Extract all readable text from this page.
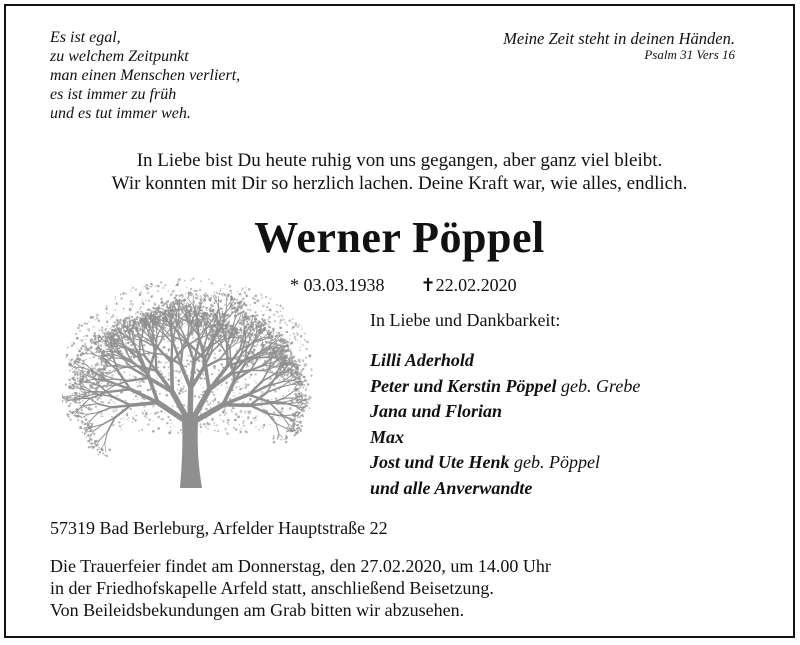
Es ist egal,
zu welchem Zeitpunkt
man einen Menschen verliert,
es ist immer zu früh
und es tut immer weh.
Meine Zeit steht in deinen Händen.
Psalm 31 Vers 16
In Liebe bist Du heute ruhig von uns gegangen, aber ganz viel bleibt.
Wir konnten mit Dir so herzlich lachen. Deine Kraft war, wie alles, endlich.
Werner Pöppel
* 03.03.1938 ✝22.02.2020
In Liebe und Dankbarkeit:
Lilli Aderhold
Peter und Kerstin Pöppel geb. Grebe
Jana und Florian
Max
Jost und Ute Henk geb. Pöppel
und alle Anverwandte
57319 Bad Berleburg, Arfelder Hauptstraße 22
Die Trauerfeier findet am Donnerstag, den 27.02.2020, um 14.00 Uhr
in der Friedhofskapelle Arfeld statt, anschließend Beisetzung.
Von Beileidsbekundungen am Grab bitten wir abzusehen.
